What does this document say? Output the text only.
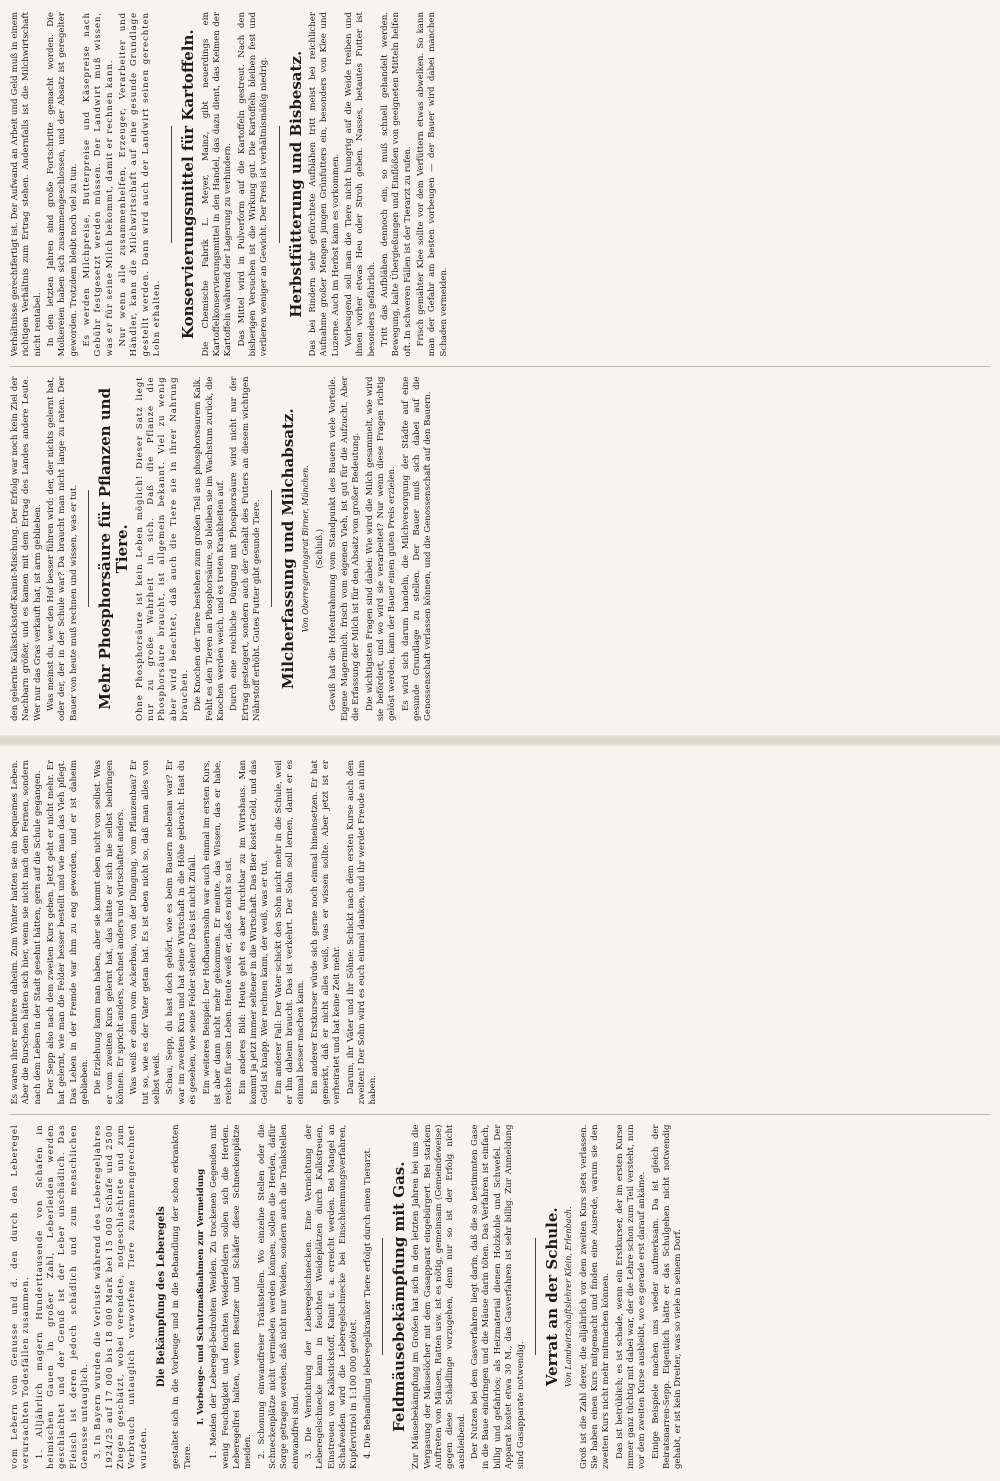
vom Lebern vom Genusse und d. den durch den Leberegel verursachten Todesfällen zusammen. 1. Alljährlich magern Hunderttausende von Schafen in heimischen Gauen in großer Zahl, Leberleiden werden geschlachtet und der Genuß ist der Leber unschädlich. Das Fleisch ist deren jedoch schädlich und zum menschlichen Genusse untauglich. 3. In Bayern wurden die Verluste während des Leberegeljahres 1924/25 auf 17 000 bis 18 000 Mark bei 15 000 Schafe und 2500 Ziegen geschätzt, wobei verendete, notgeschlachtete und zum Verbrauch untauglich verworfene Tiere zusammengerechnet wurden.

Die Bekämpfung des Leberegels gestaltet sich in die Vorbeuge und in die Behandlung der schon erkrankten Tiere.

I. Vorbeuge- und Schutzmaßnahmen zur Vermeidung 1. Meiden der Leberegel-bedrohten Weiden. Zu trockenen Gegenden mit wenig Feuchtigkeit und feuchten Weiderfeldern sollen sich die Herden. Leberegelfrei halten, wenn Besitzer und Schäfer diese Schneckenplätze meiden. 2. Schonung einwandfreier Tränkstellen. Wo einzelne Stellen oder die Schneckenplätze nicht vermieden werden können, sollen die Herden, dafür Sorge getragen werden, daß nicht nur Weiden, sondern auch die Tränkstellen einwandfrei sind. 3. Die Vernichtung der Leberegelschnecken. Eine Vernichtung der Leberegelschnecke kann in feuchten Weideplätzen durch Kalkstreuen, Einstreuen von Kalkstickstoff, Kainit u. a. erreicht werden. Bei Mangel an Schafweiden wird die Leberegelschnecke bei Einschlemmungsverfahren, Kupfervitriol in 1:100 000 getötet. 4. Die Behandlung leberegelkranker Tiere erfolgt durch einen Tierarzt. Feldmäusebekämpfung mit Gas. Zur Mäusebekämpfung im Großen hat sich in den letzten Jahren bei uns die Vergasung der Mäuselöcher mit dem Gasapparat eingebürgert. Bei starkem Auftreten von Mäusen, Ratten usw. ist es nötig, gemeinsam (Gemeindeweise) gegen diese Schädlinge vorzugehen, denn nur so ist der Erfolg nicht ausbleibend. Der Nutzen bei dem Gasverfahren liegt darin, daß die so bestimmten Gase in die Baue eindringen und die Mäuse darin töten. Das Verfahren ist einfach, billig und gefahrlos; als Heizmaterial dienen Holzkohle und Schwefel. Der Apparat kostet etwa 30 M., das Gasverfahren ist sehr billig. Zur Anmeldung sind Gasapparate notwendig.

Verrat an der Schule. Von Landwirtschaftslehrer Klein, Erlenbach. Groß ist die Zahl derer, die alljährlich vor dem zweiten Kurs stets verlassen. Sie haben einen Kurs mitgemacht und finden eine Ausrede, warum sie den zweiten Kurs nicht mehr mitmachen können. Das ist betrüblich; es ist schade, wenn ein Erstkurser, der im ersten Kurse immer ganz tüchtig mit dabei war, der die Lehre schon zum Teil versteht, nun vor dem zweiten Kurse ausbleibt, wo es gerade erst darauf ankäme. Einige Beispiele machen uns wieder aufmerksam. Da ist gleich der Beiratsnarren-Sepp. Eigentlich hätte er das Schulgehen nicht notwendig gehabt, er ist kein Dreiter, was so viele in seinem Dorf.

Es waren ihrer mehrere daheim. Zum Winter hatten sie ein bequemes Leben. Aber die Burschen hätten sich hier, wenn sie nicht nach dem Fernen, sondern nach dem Leben in der Stadt gesehnt hätten, gern auf die Schule gegangen. Der Sepp also nach dem zweiten Kurs gehen. Jetzt geht er nicht mehr. Er hat gelernt, wie man die Felder besser bestellt und wie man das Vieh pflegt. Das Leben in der Fremde war ihm zu eng geworden, und er ist daheim geblieben. Die Erziehung kann man haben, aber sie kommt eben nicht von selbst. Was er vom zweiten Kurs gelernt hat, das hätte er sich nie selbst beibringen können. Er spricht anders, rechnet anders und wirtschaftet anders. Was weiß er denn vom Ackerbau, von der Düngung, vom Pflanzenbau? Er tut so, wie es der Vater getan hat. Es ist eben nicht so, daß man alles von selbst weiß. Schau, Sepp, du hast doch gehört, wie es beim Bauern nebenan war? Er war im zweiten Kurs und hat seine Wirtschaft in die Höhe gebracht. Hast du es gesehen, wie seine Felder stehen? Das ist nicht Zufall. Ein weiteres Beispiel: Der Hofbauernsohn war auch einmal im ersten Kurs, ist aber dann nicht mehr gekommen. Er meinte, das Wissen, das er habe, reiche für sein Leben. Heute weiß er, daß es nicht so ist. Ein anderes Bild: Heute geht es aber furchtbar zu im Wirtshaus. Man kommt ja jetzt immer seltener in die Wirtschaft. Das Bier kostet Geld, und das Geld ist knapp. Wer rechnen kann, der weiß, was er tut. Ein anderer Fall: Der Vater schickt den Sohn nicht mehr in die Schule, weil er ihn daheim braucht. Das ist verkehrt. Der Sohn soll lernen, damit er es einmal besser machen kann. Ein anderer Erstkurser würde sich gerne noch einmal hineinsetzen. Er hat gemerkt, daß er nicht alles weiß, was er wissen sollte. Aber jetzt ist er verheiratet und hat keine Zeit mehr. Darum, ihr Väter und ihr Söhne: Schickt nach dem ersten Kurse auch den zweiten! Der Sohn wird es euch einmal danken, und ihr werdet Freude an ihm haben.

den gelernte Kalkstickstoff-Kainit-Mischung. Der Erfolg war noch kein Ziel der Nachbarn größer, und es kamen mit dem Ertrag des Landes andere Leute. Wer nur das Gras verkauft hat, ist arm geblieben. Was meinst du, wer den Hof besser führen wird: der, der nichts gelernt hat, oder der, der in der Schule war? Da braucht man nicht lange zu raten. Der Bauer von heute muß rechnen und wissen, was er tut. Mehr Phosphorsäure für Pflanzen und Tiere. Ohne Phosphorsäure ist kein Leben möglich! Dieser Satz liegt nur zu große Wahrheit in sich. Daß die Pflanze die Phosphorsäure braucht, ist allgemein bekannt. Viel zu wenig aber wird beachtet, daß auch die Tiere sie in ihrer Nahrung brauchen. Die Knochen der Tiere bestehen zum großen Teil aus phosphorsaurem Kalk. Fehlt es den Tieren an Phosphorsäure, so bleiben sie im Wachstum zurück, die Knochen werden weich, und es treten Krankheiten auf. Durch eine reichliche Düngung mit Phosphorsäure wird nicht nur der Ertrag gesteigert, sondern auch der Gehalt des Futters an diesem wichtigen Nährstoff erhöht. Gutes Futter gibt gesunde Tiere. Milcherfassung und Milchabsatz. Von Oberregierungsrat Birner, München. (Schluß.) Gewiß hat die Hofentrahmung vom Standpunkt des Bauern viele Vorteile. Eigene Magermilch, frisch vom eigenen Vieh, ist gut für die Aufzucht. Aber die Erfassung der Milch ist für den Absatz von großer Bedeutung. Die wichtigsten Fragen sind dabei: Wie wird die Milch gesammelt, wie wird sie befördert, und wo wird sie verarbeitet? Nur wenn diese Fragen richtig gelöst werden, kann der Bauer einen guten Preis erzielen. Es wird sich darum handeln, die Milchversorgung der Städte auf eine gesunde Grundlage zu stellen. Der Bauer muß sich dabei auf die Genossenschaft verlassen können, und die Genossenschaft auf den Bauern.

Verhältnisse gerechtfertigt ist. Der Aufwand an Arbeit und Geld muß in einem richtigen Verhältnis zum Ertrag stehen. Andernfalls ist die Milchwirtschaft nicht rentabel. In den letzten Jahren sind große Fortschritte gemacht worden. Die Molkereien haben sich zusammengeschlossen, und der Absatz ist geregelter geworden. Trotzdem bleibt noch viel zu tun. Es werden Milchpreise, Butterpreise und Käsepreise nach Gebühr festgesetzt werden müssen. Der Landwirt muß wissen, was er für seine Milch bekommt, damit er rechnen kann. Nur wenn alle zusammenhelfen, Erzeuger, Verarbeiter und Händler, kann die Milchwirtschaft auf eine gesunde Grundlage gestellt werden. Dann wird auch der Landwirt seinen gerechten Lohn erhalten. Konservierungsmittel für Kartoffeln. Die Chemische Fabrik L. Meyer, Mainz, gibt neuerdings ein Kartoffelkonservierungsmittel in den Handel, das dazu dient, das Keimen der Kartoffeln während der Lagerung zu verhindern. Das Mittel wird in Pulverform auf die Kartoffeln gestreut. Nach den bisherigen Versuchen ist die Wirkung gut. Die Kartoffeln bleiben fest und verlieren weniger an Gewicht. Der Preis ist verhältnismäßig niedrig. Herbstfütterung und Bisbesatz. Das bei Rindern sehr gefürchtete Aufblähen tritt meist bei reichlicher Aufnahme großer Mengen jungen Grünfutters ein, besonders von Klee und Luzerne. Auch im Herbst kann es vorkommen. Vorbeugend soll man die Tiere nicht hungrig auf die Weide treiben und ihnen vorher etwas Heu oder Stroh geben. Nasses, betautes Futter ist besonders gefährlich. Tritt das Aufblähen dennoch ein, so muß schnell gehandelt werden. Bewegung, kalte Übergießungen und Einflößen von geeigneten Mitteln helfen oft. In schweren Fällen ist der Tierarzt zu rufen. Frisch gemähter Klee sollte vor dem Verfüttern etwas abwelken. So kann man der Gefahr am besten vorbeugen — der Bauer wird dabei manchen Schaden vermeiden.
